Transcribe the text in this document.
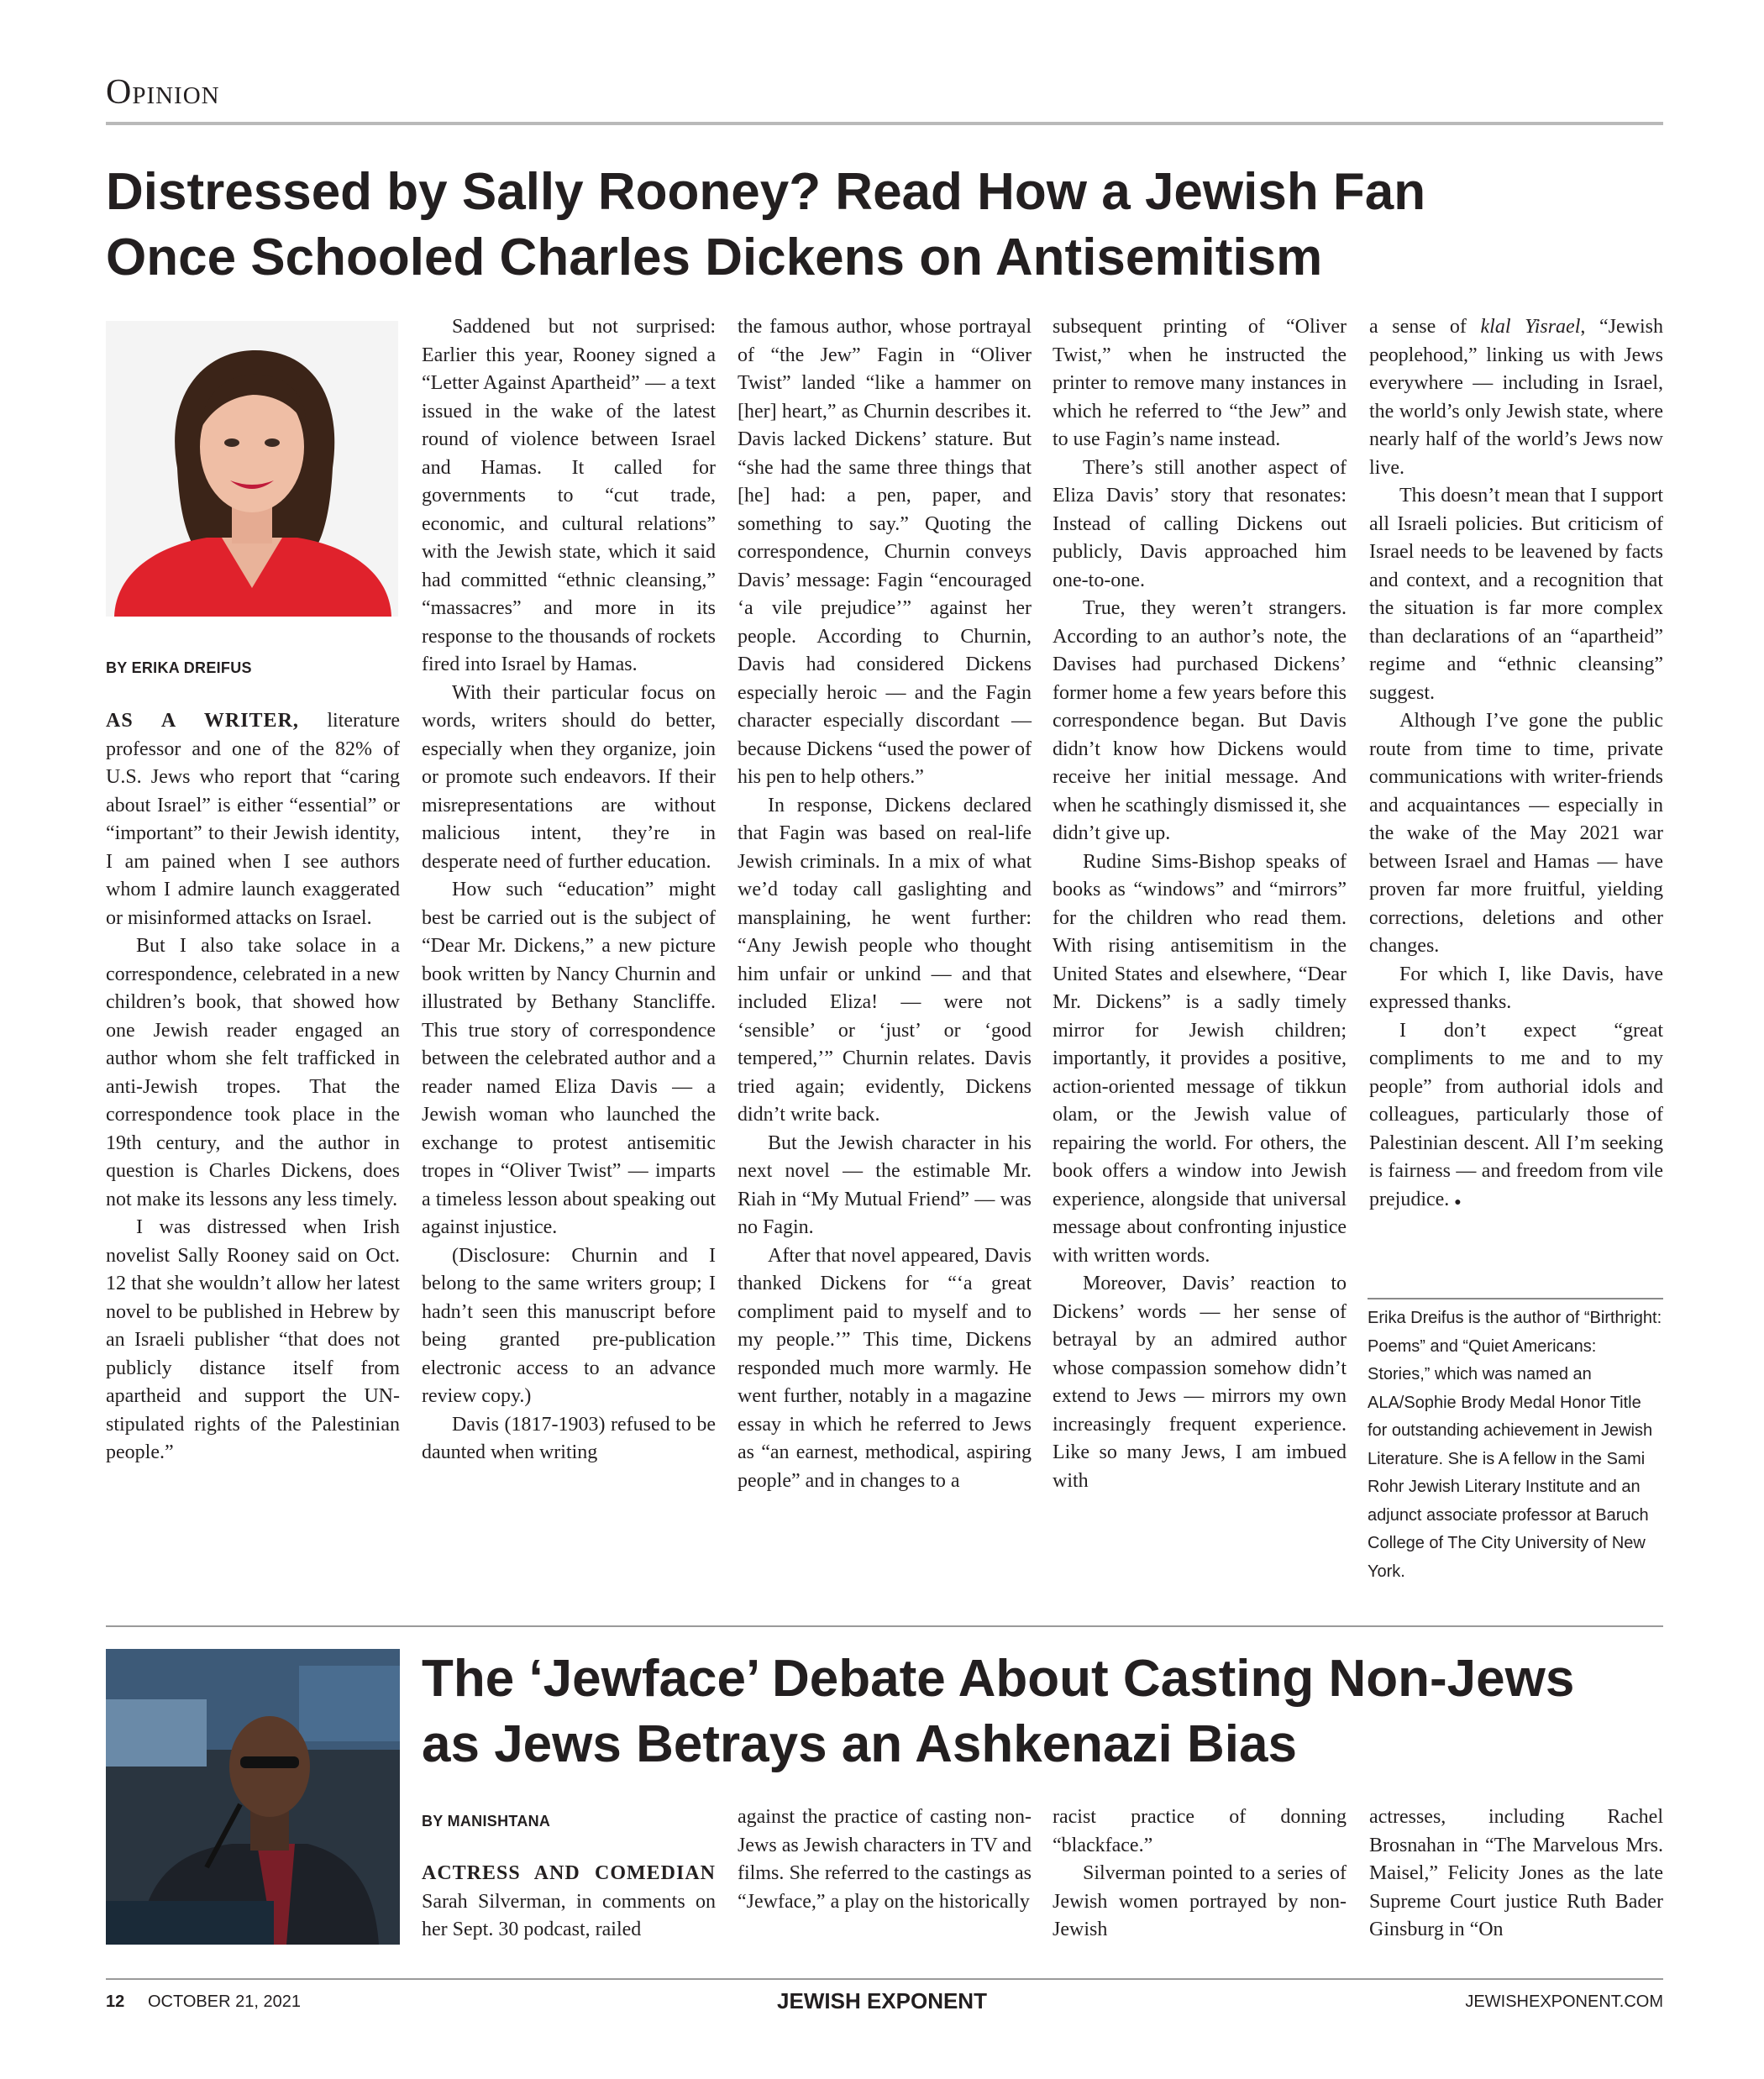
Opinion
Distressed by Sally Rooney? Read How a Jewish Fan
Once Schooled Charles Dickens on Antisemitism
BY ERIKA DREIFUS

AS A WRITER, literature professor and one of the 82% of U.S. Jews who report that “caring about Israel” is either “essential” or “important” to their Jewish identity, I am pained when I see authors whom I admire launch exaggerated or misinformed attacks on Israel.

But I also take solace in a correspondence, celebrated in a new children’s book, that showed how one Jewish reader engaged an author whom she felt trafficked in anti-Jewish tropes. That the correspondence took place in the 19th century, and the author in question is Charles Dickens, does not make its lessons any less timely.

I was distressed when Irish novelist Sally Rooney said on Oct. 12 that she wouldn’t allow her latest novel to be published in Hebrew by an Israeli publisher “that does not publicly distance itself from apartheid and support the UN-stipulated rights of the Palestinian people.”

Saddened but not surprised: Earlier this year, Rooney signed a “Letter Against Apartheid” — a text issued in the wake of the latest round of violence between Israel and Hamas. It called for governments to “cut trade, economic, and cultural relations” with the Jewish state, which it said had committed “ethnic cleansing,” “massacres” and more in its response to the thousands of rockets fired into Israel by Hamas.

With their particular focus on words, writers should do better, especially when they organize, join or promote such endeavors. If their misrepresentations are without malicious intent, they’re in desperate need of further education.

How such “education” might best be carried out is the subject of “Dear Mr. Dickens,” a new picture book written by Nancy Churnin and illustrated by Bethany Stancliffe. This true story of correspondence between the celebrated author and a reader named Eliza Davis — a Jewish woman who launched the exchange to protest antisemitic tropes in “Oliver Twist” — imparts a timeless lesson about speaking out against injustice.

(Disclosure: Churnin and I belong to the same writers group; I hadn’t seen this manuscript before being granted pre-publication electronic access to an advance review copy.)

Davis (1817-1903) refused to be daunted when writing

the famous author, whose portrayal of “the Jew” Fagin in “Oliver Twist” landed “like a hammer on [her] heart,” as Churnin describes it. Davis lacked Dickens’ stature. But “she had the same three things that [he] had: a pen, paper, and something to say.” Quoting the correspondence, Churnin conveys Davis’ message: Fagin “encouraged ‘a vile prejudice’” against her people. According to Churnin, Davis had considered Dickens especially heroic — and the Fagin character especially discordant — because Dickens “used the power of his pen to help others.”

In response, Dickens declared that Fagin was based on real-life Jewish criminals. In a mix of what we’d today call gaslighting and mansplaining, he went further: “Any Jewish people who thought him unfair or unkind — and that included Eliza! — were not ‘sensible’ or ‘just’ or ‘good tempered,’” Churnin relates. Davis tried again; evidently, Dickens didn’t write back.

But the Jewish character in his next novel — the estimable Mr. Riah in “My Mutual Friend” — was no Fagin.

After that novel appeared, Davis thanked Dickens for “‘a great compliment paid to myself and to my people.’” This time, Dickens responded much more warmly. He went further, notably in a magazine essay in which he referred to Jews as “an earnest, methodical, aspiring people” and in changes to a

subsequent printing of “Oliver Twist,” when he instructed the printer to remove many instances in which he referred to “the Jew” and to use Fagin’s name instead.

There’s still another aspect of Eliza Davis’ story that resonates: Instead of calling Dickens out publicly, Davis approached him one-to-one.

True, they weren’t strangers. According to an author’s note, the Davises had purchased Dickens’ former home a few years before this correspondence began. But Davis didn’t know how Dickens would receive her initial message. And when he scathingly dismissed it, she didn’t give up.

Rudine Sims-Bishop speaks of books as “windows” and “mirrors” for the children who read them. With rising antisemitism in the United States and elsewhere, “Dear Mr. Dickens” is a sadly timely mirror for Jewish children; importantly, it provides a positive, action-oriented message of tikkun olam, or the Jewish value of repairing the world. For others, the book offers a window into Jewish experience, alongside that universal message about confronting injustice with written words.

Moreover, Davis’ reaction to Dickens’ words — her sense of betrayal by an admired author whose compassion somehow didn’t extend to Jews — mirrors my own increasingly frequent experience. Like so many Jews, I am imbued with

a sense of klal Yisrael, “Jewish peoplehood,” linking us with Jews everywhere — including in Israel, the world’s only Jewish state, where nearly half of the world’s Jews now live.

This doesn’t mean that I support all Israeli policies. But criticism of Israel needs to be leavened by facts and context, and a recognition that the situation is far more complex than declarations of an “apartheid” regime and “ethnic cleansing” suggest.

Although I’ve gone the public route from time to time, private communications with writer-friends and acquaintances — especially in the wake of the May 2021 war between Israel and Hamas — have proven far more fruitful, yielding corrections, deletions and other changes.

For which I, like Davis, have expressed thanks.

I don’t expect “great compliments to me and to my people” from authorial idols and colleagues, particularly those of Palestinian descent. All I’m seeking is fairness — and freedom from vile prejudice. ●

Erika Dreifus is the author of “Birthright: Poems” and “Quiet Americans: Stories,” which was named an ALA/Sophie Brody Medal Honor Title for outstanding achievement in Jewish Literature. She is A fellow in the Sami Rohr Jewish Literary Institute and an adjunct associate professor at Baruch College of The City University of New York.
The ‘Jewface’ Debate About Casting Non-Jews
as Jews Betrays an Ashkenazi Bias
BY MANISHTANA

ACTRESS AND COMEDIAN Sarah Silverman, in comments on her Sept. 30 podcast, railed

against the practice of casting non-Jews as Jewish characters in TV and films. She referred to the castings as “Jewface,” a play on the historically

racist practice of donning “blackface.”

Silverman pointed to a series of Jewish women portrayed by non-Jewish

actresses, including Rachel Brosnahan in “The Marvelous Mrs. Maisel,” Felicity Jones as the late Supreme Court justice Ruth Bader Ginsburg in “On

12 OCTOBER 21, 2021	JEWISH EXPONENT	JEWISHEXPONENT.COM
